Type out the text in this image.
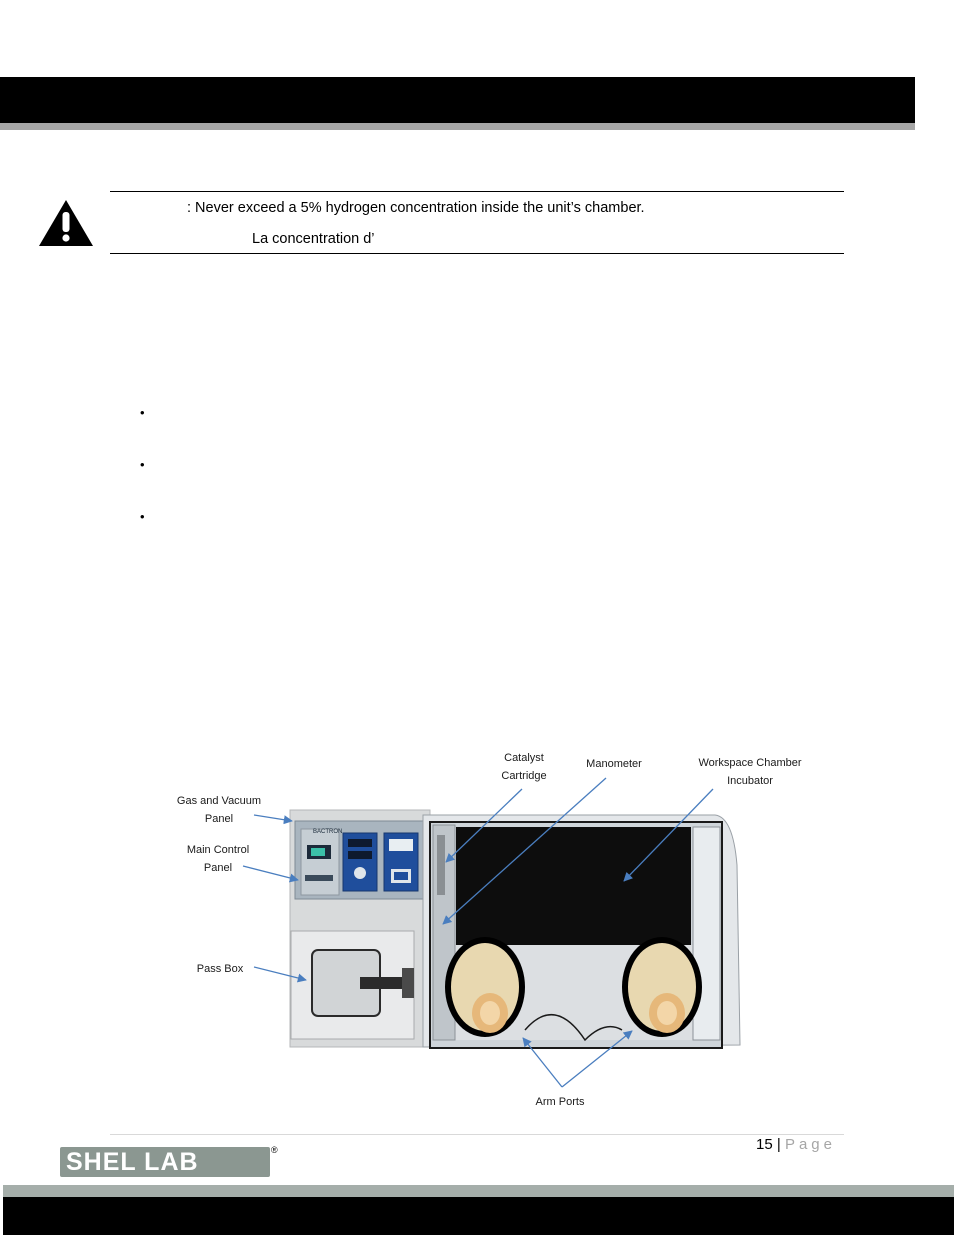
: Never exceed a 5% hydrogen concentration inside the unit’s chamber.
La concentration d’
•
•
•
BACTRON
Catalyst
Cartridge
Manometer	Workspace Chamber
Incubator
Gas and Vacuum
Panel
Main Control
Panel
Pass Box
Arm Ports
15 | Page
SHEL LAB	®
